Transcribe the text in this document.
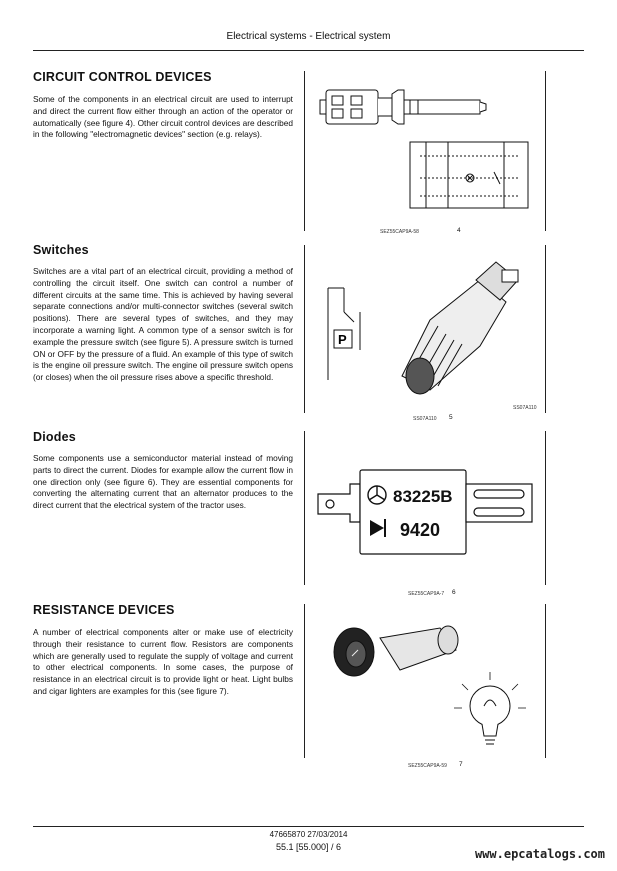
Electrical systems - Electrical system
CIRCUIT CONTROL DEVICES
Some of the components in an electrical circuit are used to interrupt and direct the current flow either through an action of the operator or automatically (see figure 4). Other circuit control devices are described in the following "electromagnetic devices" section (e.g. relays).
Switches
Switches are a vital part of an electrical circuit, providing a method of controlling the circuit itself. One switch can control a number of different circuits at the same time. This is achieved by having several separate connections and/or multi-connector switches (several switch positions). There are several types of switches, and they may incorporate a warning light. A common type of a sensor switch is for example the pressure switch (see figure 5). A pressure switch is turned ON or OFF by the pressure of a fluid. An example of this type of switch is the engine oil pressure switch. The engine oil pressure switch opens (or closes) when the oil pressure rises above a specific threshold.
Diodes
Some components use a semiconductor material instead of moving parts to direct the current. Diodes for example allow the current flow in one direction only (see figure 6). They are essential components for converting the alternating current that an alternator produces to the direct current that the electrical system of the tractor uses.
RESISTANCE DEVICES
A number of electrical components alter or make use of electricity through their resistance to current flow. Resistors are components which are generally used to regulate the supply of voltage and current to other electrical components. In some cases, the purpose of resistance in an electrical circuit is to provide light or heat. Light bulbs and cigar lighters are examples for this (see figure 7).
SEZ55CAP9A-58	4
P
SS07A110
SS07A110 5
83225B
9420
SEZ55CAP9A-7 6
SEZ55CAP9A-59 7
47665870 27/03/2014
55.1 [55.000] / 6	www.epcatalogs.com
